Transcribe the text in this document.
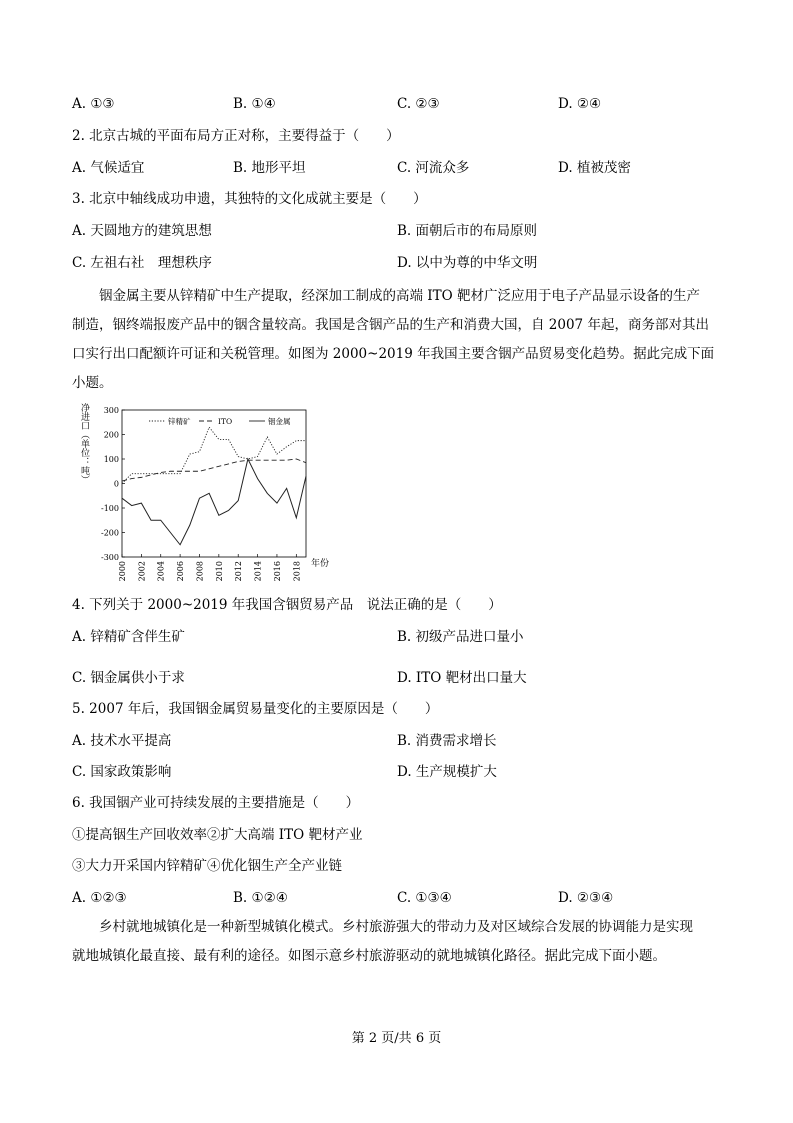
A. ①③	B. ①④	C. ②③	D. ②④
2. 北京古城的平面布局方正对称，主要得益于（　　）
A. 气候适宜	B. 地形平坦	C. 河流众多	D. 植被茂密
3. 北京中轴线成功申遗，其独特的文化成就主要是（　　）
A. 天圆地方的建筑思想	B. 面朝后市的布局原则
C. 左祖右社　理想秩序	D. 以中为尊的中华文明
铟金属主要从锌精矿中生产提取，经深加工制成的高端 ITO 靶材广泛应用于电子产品显示设备的生产
制造，铟终端报废产品中的铟含量较高。我国是含铟产品的生产和消费大国，自 2007 年起，商务部对其出
口实行出口配额许可证和关税管理。如图为 2000~2019 年我国主要含铟产品贸易变化趋势。据此完成下面
小题。
300
200
100
0
-100
-200
-300
2000 2002 2004 2006 2008 2010 2012 2014 2016 2018
锌精矿	ITO	铟金属
净进口（单位：吨）
年份
4. 下列关于 2000~2019 年我国含铟贸易产品　说法正确的是（　　）
A. 锌精矿含伴生矿	B. 初级产品进口量小
C. 铟金属供小于求	D. ITO 靶材出口量大
5. 2007 年后，我国铟金属贸易量变化的主要原因是（　　）
A. 技术水平提高	B. 消费需求增长
C. 国家政策影响	D. 生产规模扩大
6. 我国铟产业可持续发展的主要措施是（　　）
①提高铟生产回收效率②扩大高端 ITO 靶材产业
③大力开采国内锌精矿④优化铟生产全产业链
A. ①②③	B. ①②④	C. ①③④	D. ②③④
乡村就地城镇化是一种新型城镇化模式。乡村旅游强大的带动力及对区域综合发展的协调能力是实现
就地城镇化最直接、最有利的途径。如图示意乡村旅游驱动的就地城镇化路径。据此完成下面小题。
第 2 页/共 6 页
